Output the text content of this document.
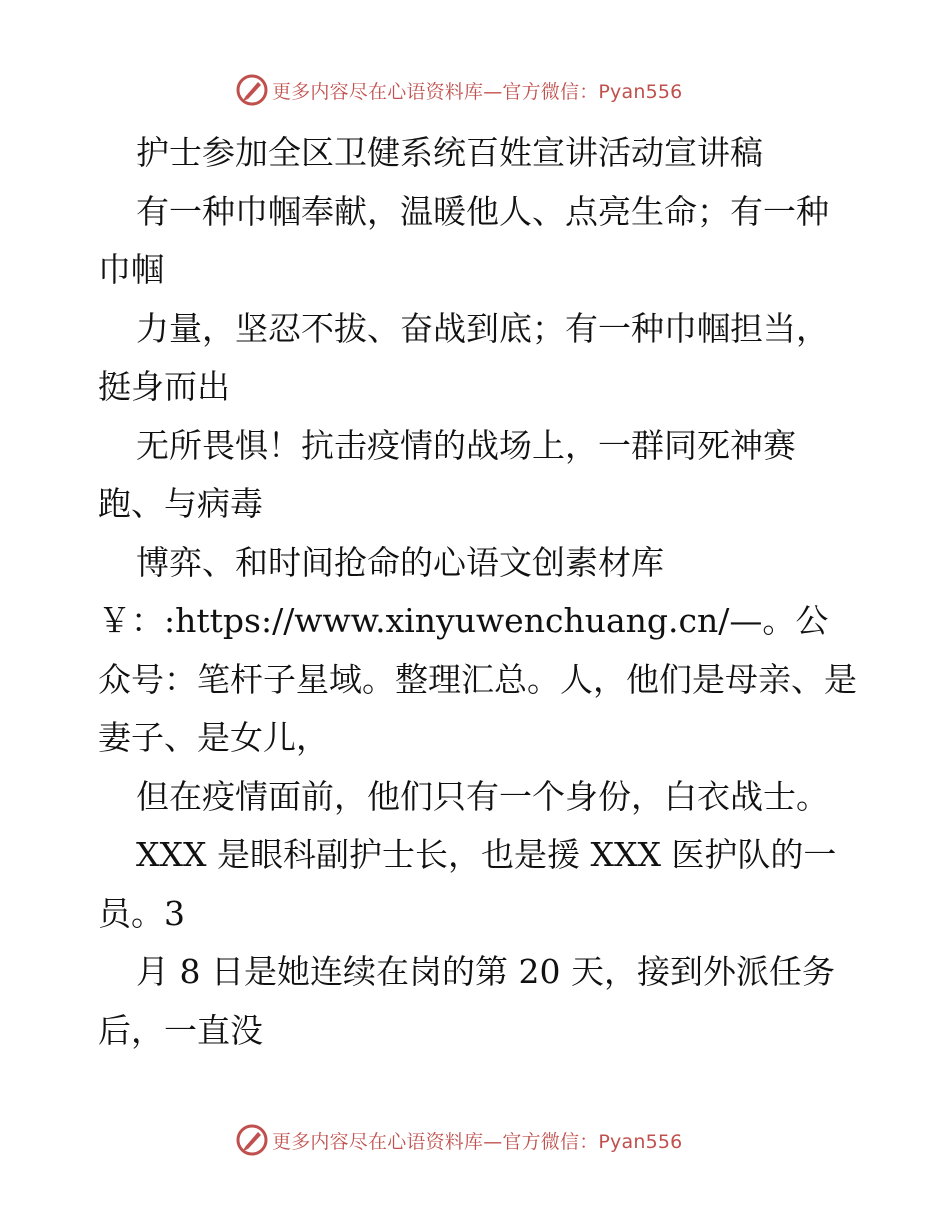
更多内容尽在心语资料库—官方微信：Pyan556

护士参加全区卫健系统百姓宣讲活动宣讲稿

有一种巾帼奉献，温暖他人、点亮生命；有一种巾帼

力量，坚忍不拔、奋战到底；有一种巾帼担当，挺身而出

无所畏惧！抗击疫情的战场上，一群同死神赛跑、与病毒

博弈、和时间抢命的心语文创素材库

￥：:https://www.xinyuwenchuang.cn/—。公众号：笔杆子星域。整理汇总。人，他们是母亲、是妻子、是女儿，

但在疫情面前，他们只有一个身份，白衣战士。

XXX 是眼科副护士长，也是援 XXX 医护队的一员。3

月 8 日是她连续在岗的第 20 天，接到外派任务后，一直没

更多内容尽在心语资料库—官方微信：Pyan556
